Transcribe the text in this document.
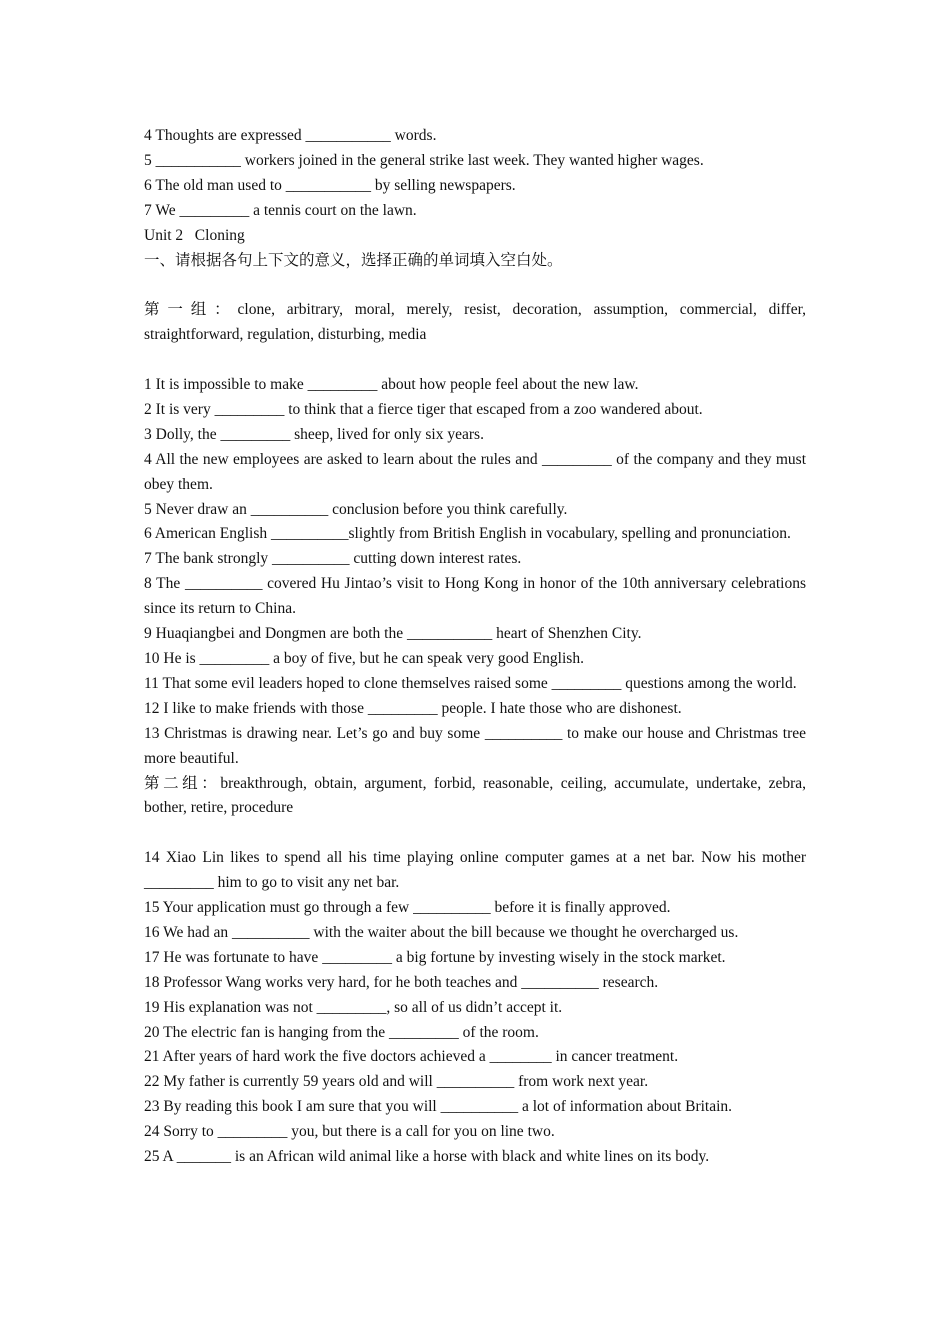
4 Thoughts are expressed ___________ words.
5 ___________ workers joined in the general strike last week. They wanted higher wages.
6 The old man used to ___________ by selling newspapers.
7 We _________ a tennis court on the lawn.
Unit 2   Cloning
一、请根据各句上下文的意义，选择正确的单词填入空白处。
第一组：clone, arbitrary, moral, merely, resist, decoration, assumption, commercial, differ, straightforward, regulation, disturbing, media
1 It is impossible to make _________ about how people feel about the new law.
2 It is very _________ to think that a fierce tiger that escaped from a zoo wandered about.
3 Dolly, the _________ sheep, lived for only six years.
4 All the new employees are asked to learn about the rules and _________ of the company and they must obey them.
5 Never draw an __________ conclusion before you think carefully.
6 American English __________slightly from British English in vocabulary, spelling and pronunciation.
7 The bank strongly __________ cutting down interest rates.
8 The __________ covered Hu Jintao’s visit to Hong Kong in honor of the 10th anniversary celebrations since its return to China.
9 Huaqiangbei and Dongmen are both the ___________ heart of Shenzhen City.
10 He is _________ a boy of five, but he can speak very good English.
11 That some evil leaders hoped to clone themselves raised some _________ questions among the world.
12 I like to make friends with those _________ people. I hate those who are dishonest.
13 Christmas is drawing near. Let’s go and buy some __________ to make our house and Christmas tree more beautiful.
第二组：breakthrough, obtain, argument, forbid, reasonable, ceiling, accumulate, undertake, zebra, bother, retire, procedure
14 Xiao Lin likes to spend all his time playing online computer games at a net bar. Now his mother _________ him to go to visit any net bar.
15 Your application must go through a few __________ before it is finally approved.
16 We had an __________ with the waiter about the bill because we thought he overcharged us.
17 He was fortunate to have _________ a big fortune by investing wisely in the stock market.
18 Professor Wang works very hard, for he both teaches and __________ research.
19 His explanation was not _________, so all of us didn’t accept it.
20 The electric fan is hanging from the _________ of the room.
21 After years of hard work the five doctors achieved a ________ in cancer treatment.
22 My father is currently 59 years old and will __________ from work next year.
23 By reading this book I am sure that you will __________ a lot of information about Britain.
24 Sorry to _________ you, but there is a call for you on line two.
25 A _______ is an African wild animal like a horse with black and white lines on its body.
